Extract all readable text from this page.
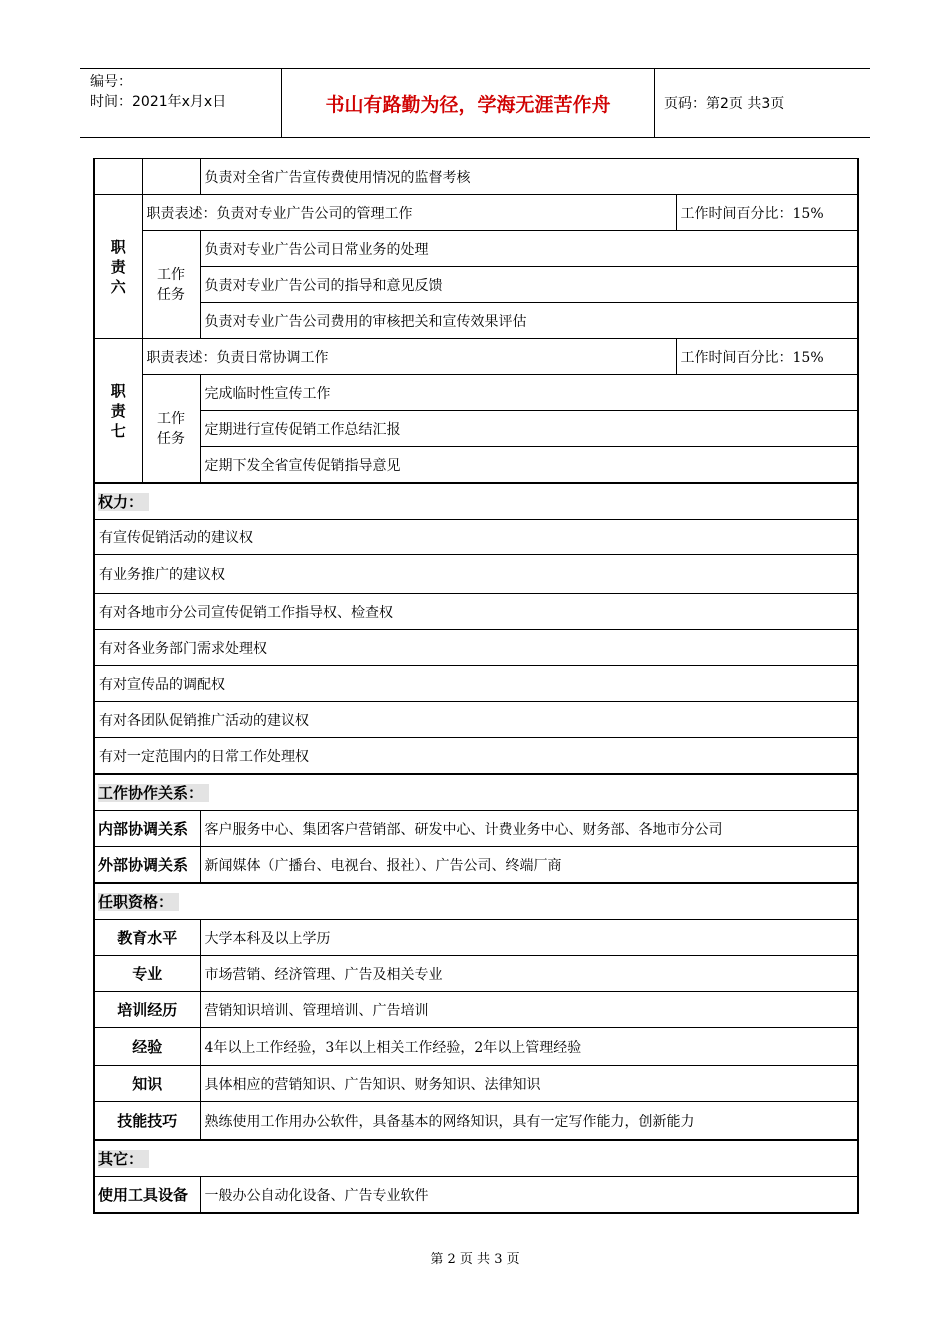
编号：
时间：2021年x月x日	书山有路勤为径，学海无涯苦作舟	页码：第2页 共3页
		负责对全省广告宣传费使用情况的监督考核	
职责六	职责表述：负责对专业广告公司的管理工作		工作时间百分比：15%
	工作任务	负责对专业广告公司日常业务的处理	
		负责对专业广告公司的指导和意见反馈	
		负责对专业广告公司费用的审核把关和宣传效果评估	
职责七	职责表述：负责日常协调工作		工作时间百分比：15%
	工作任务	完成临时性宣传工作	
		定期进行宣传促销工作总结汇报	
		定期下发全省宣传促销指导意见	
权力：			
有宣传促销活动的建议权			
有业务推广的建议权			
有对各地市分公司宣传促销工作指导权、检查权			
有对各业务部门需求处理权			
有对宣传品的调配权			
有对各团队促销推广活动的建议权			
有对一定范围内的日常工作处理权			
工作协作关系：			
内部协调关系		客户服务中心、集团客户营销部、研发中心、计费业务中心、财务部、各地市分公司	
外部协调关系		新闻媒体（广播台、电视台、报社）、广告公司、终端厂商	
任职资格：			
教育水平		大学本科及以上学历	
专业		市场营销、经济管理、广告及相关专业	
培训经历		营销知识培训、管理培训、广告培训	
经验		4年以上工作经验，3年以上相关工作经验，2年以上管理经验	
知识		具体相应的营销知识、广告知识、财务知识、法律知识	
技能技巧		熟练使用工作用办公软件，具备基本的网络知识，具有一定写作能力，创新能力	
其它：			
使用工具设备		一般办公自动化设备、广告专业软件	
第 2 页 共 3 页
